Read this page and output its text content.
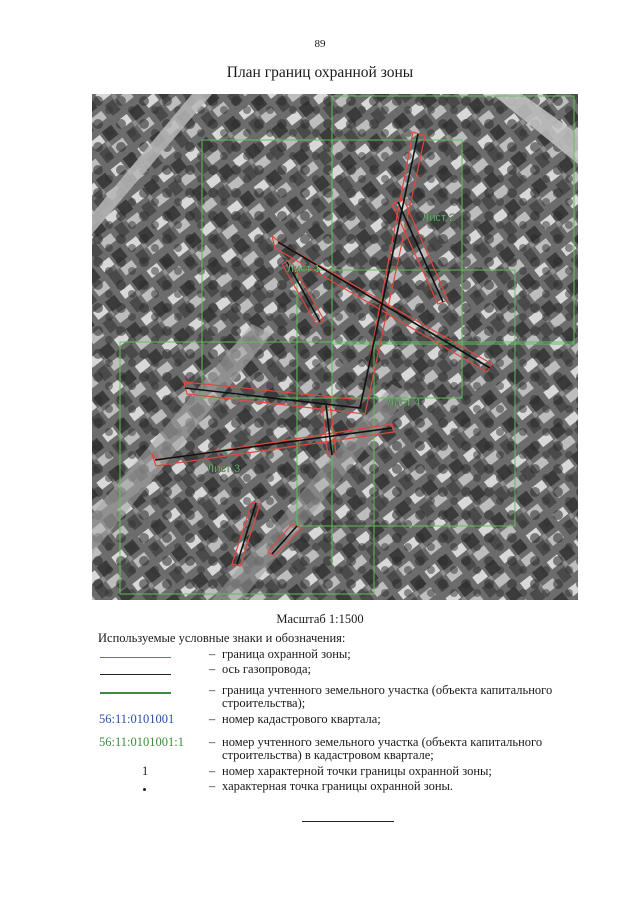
89
План границ охранной зоны
Лист 1
Лист 2
Лист 3
Лист 4
Масштаб 1:1500
Используемые условные знаки и обозначения:
– граница охранной зоны;
– ось газопровода;
– граница учтенного земельного участка (объекта капитального строительства);
56:11:0101001	– номер кадастрового квартала;
56:11:0101001:1 – номер учтенного земельного участка (объекта капитального строительства) в кадастровом квартале;
1	– номер характерной точки границы охранной зоны;
– характерная точка границы охранной зоны.
